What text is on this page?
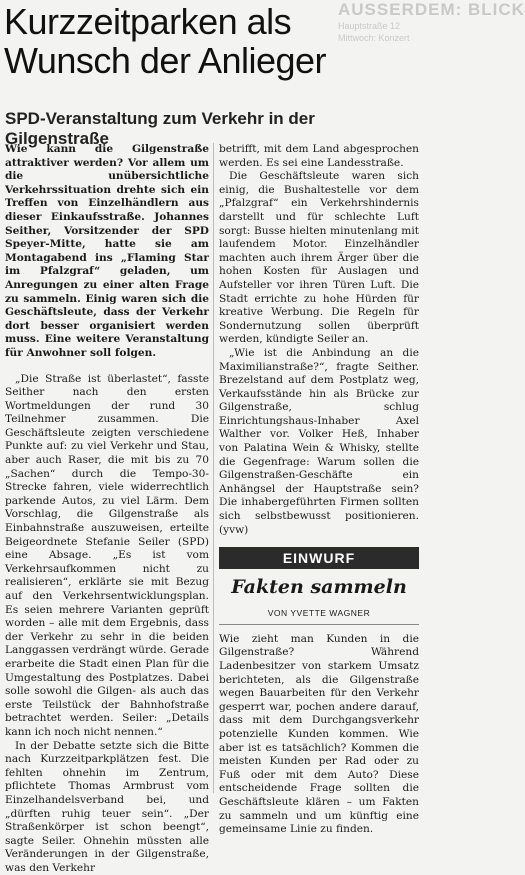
AUSSERDEM: BLICK
Hauptstraße 12
Mittwoch: Konzert
Kurzzeitparken als
Wunsch der Anlieger
SPD-Veranstaltung zum Verkehr in der Gilgenstraße

Wie kann die Gilgenstraße attraktiver werden? Vor allem um die unübersichtliche Verkehrssituation drehte sich ein Treffen von Einzelhändlern aus dieser Einkaufsstraße. Johannes Seither, Vorsitzender der SPD Speyer-Mitte, hatte sie am Montagabend ins „Flaming Star im Pfalzgraf“ geladen, um Anregungen zu einer alten Frage zu sammeln. Einig waren sich die Geschäftsleute, dass der Verkehr dort besser organisiert werden muss. Eine weitere Veranstaltung für Anwohner soll folgen.

„Die Straße ist überlastet“, fasste Seither nach den ersten Wortmeldungen der rund 30 Teilnehmer zusammen. Die Geschäftsleute zeigten verschiedene Punkte auf: zu viel Verkehr und Stau, aber auch Raser, die mit bis zu 70 „Sachen“ durch die Tempo-30-Strecke fahren, viele widerrechtlich parkende Autos, zu viel Lärm. Dem Vorschlag, die Gilgenstraße als Einbahnstraße auszuweisen, erteilte Beigeordnete Stefanie Seiler (SPD) eine Absage. „Es ist vom Verkehrsaufkommen nicht zu realisieren“, erklärte sie mit Bezug auf den Verkehrsentwicklungsplan. Es seien mehrere Varianten geprüft worden – alle mit dem Ergebnis, dass der Verkehr zu sehr in die beiden Langgassen verdrängt würde. Gerade erarbeite die Stadt einen Plan für die Umgestaltung des Postplatzes. Dabei solle sowohl die Gilgen- als auch das erste Teilstück der Bahnhofstraße betrachtet werden. Seiler: „Details kann ich noch nicht nennen.“

In der Debatte setzte sich die Bitte nach Kurzzeitparkplätzen fest. Die fehlten ohnehin im Zentrum, pflichtete Thomas Armbrust vom Einzelhandelsverband bei, und „dürften ruhig teuer sein“. „Der Straßenkörper ist schon beengt“, sagte Seiler. Ohnehin müssten alle Veränderungen in der Gilgenstraße, was den Verkehr

betrifft, mit dem Land abgesprochen werden. Es sei eine Landesstraße.

Die Geschäftsleute waren sich einig, die Bushaltestelle vor dem „Pfalzgraf“ ein Verkehrshindernis darstellt und für schlechte Luft sorgt: Busse hielten minutenlang mit laufendem Motor. Einzelhändler machten auch ihrem Ärger über die hohen Kosten für Auslagen und Aufsteller vor ihren Türen Luft. Die Stadt errichte zu hohe Hürden für kreative Werbung. Die Regeln für Sondernutzung sollen überprüft werden, kündigte Seiler an.

„Wie ist die Anbindung an die Maximilianstraße?“, fragte Seither. Brezelstand auf dem Postplatz weg, Verkaufsstände hin als Brücke zur Gilgenstraße, schlug Einrichtungshaus-Inhaber Axel Walther vor. Volker Heß, Inhaber von Palatina Wein & Whisky, stellte die Gegenfrage: Warum sollen die Gilgenstraßen-Geschäfte ein Anhängsel der Hauptstraße sein? Die inhabergeführten Firmen sollten sich selbstbewusst positionieren. (yvw)

EINWURF
Fakten sammeln
VON YVETTE WAGNER

Wie zieht man Kunden in die Gilgenstraße? Während Ladenbesitzer von starkem Umsatz berichteten, als die Gilgenstraße wegen Bauarbeiten für den Verkehr gesperrt war, pochen andere darauf, dass mit dem Durchgangsverkehr potenzielle Kunden kommen. Wie aber ist es tatsächlich? Kommen die meisten Kunden per Rad oder zu Fuß oder mit dem Auto? Diese entscheidende Frage sollten die Geschäftsleute klären – um Fakten zu sammeln und um künftig eine gemeinsame Linie zu finden.
